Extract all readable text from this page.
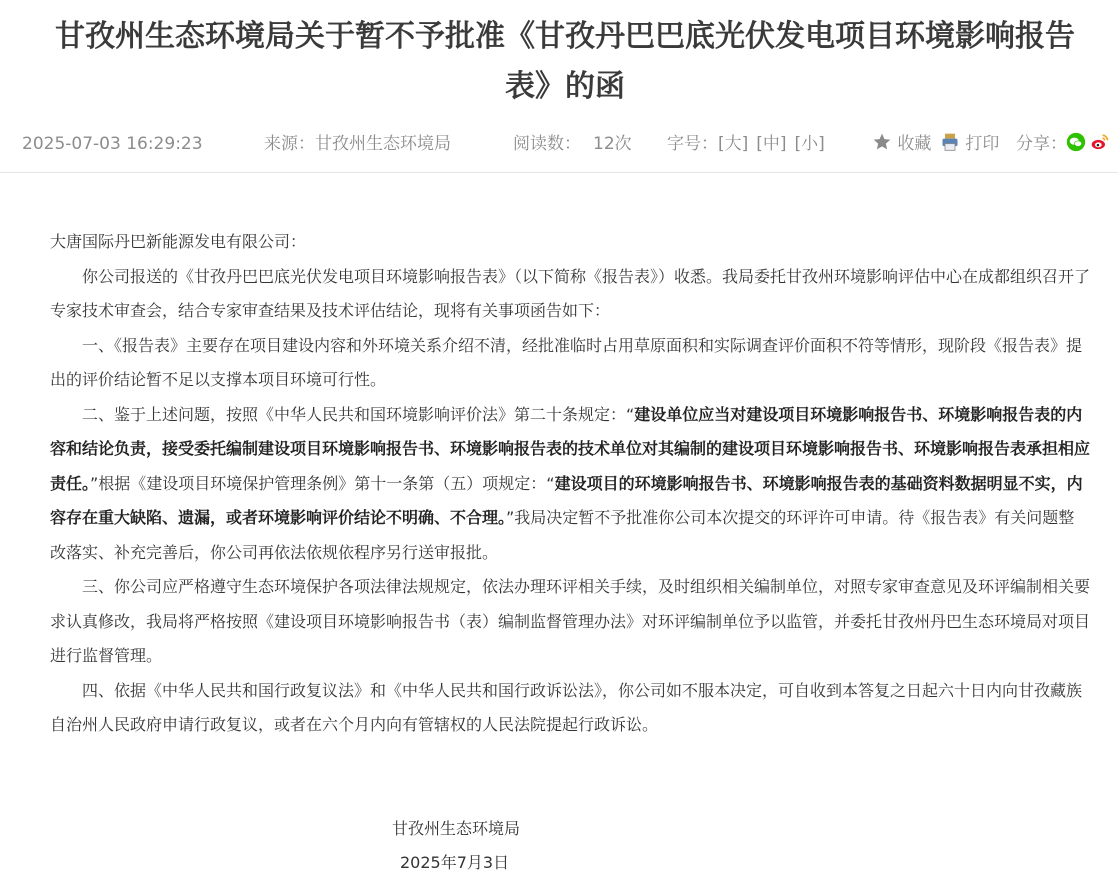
甘孜州生态环境局关于暂不予批准《甘孜丹巴巴底光伏发电项目环境影响报告
表》的函
2025-07-03 16:29:23	来源：甘孜州生态环境局	阅读数： 12次 字号：[大] [中] [小]	收藏	打印 分享：

大唐国际丹巴新能源发电有限公司：

你公司报送的《甘孜丹巴巴底光伏发电项目环境影响报告表》（以下简称《报告表》）收悉。我局委托甘孜州环境影响评估中心在成都组织召开了专家技术审查会，结合专家审查结果及技术评估结论，现将有关事项函告如下：

一、《报告表》主要存在项目建设内容和外环境关系介绍不清，经批准临时占用草原面积和实际调查评价面积不符等情形，现阶段《报告表》提出的评价结论暂不足以支撑本项目环境可行性。

二、鉴于上述问题，按照《中华人民共和国环境影响评价法》第二十条规定：“建设单位应当对建设项目环境影响报告书、环境影响报告表的内容和结论负责，接受委托编制建设项目环境影响报告书、环境影响报告表的技术单位对其编制的建设项目环境影响报告书、环境影响报告表承担相应责任。”根据《建设项目环境保护管理条例》第十一条第（五）项规定：“建设项目的环境影响报告书、环境影响报告表的基础资料数据明显不实，内容存在重大缺陷、遗漏，或者环境影响评价结论不明确、不合理。”我局决定暂不予批准你公司本次提交的环评许可申请。待《报告表》有关问题整改落实、补充完善后，你公司再依法依规依程序另行送审报批。

三、你公司应严格遵守生态环境保护各项法律法规规定，依法办理环评相关手续，及时组织相关编制单位，对照专家审查意见及环评编制相关要求认真修改，我局将严格按照《建设项目环境影响报告书（表）编制监督管理办法》对环评编制单位予以监管，并委托甘孜州丹巴生态环境局对项目进行监督管理。

四、依据《中华人民共和国行政复议法》和《中华人民共和国行政诉讼法》，你公司如不服本决定，可自收到本答复之日起六十日内向甘孜藏族自治州人民政府申请行政复议，或者在六个月内向有管辖权的人民法院提起行政诉讼。

甘孜州生态环境局
2025年7月3日
